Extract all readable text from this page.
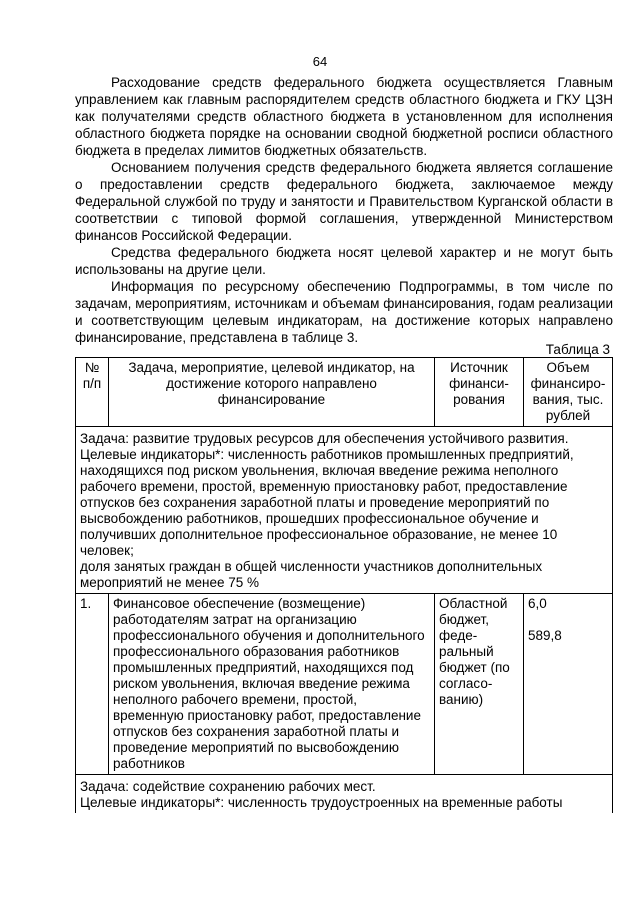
64

Расходование средств федерального бюджета осуществляется Главным управлением как главным распорядителем средств областного бюджета и ГКУ ЦЗН как получателями средств областного бюджета в установленном для исполнения областного бюджета порядке на основании сводной бюджетной росписи областного бюджета в пределах лимитов бюджетных обязательств.

Основанием получения средств федерального бюджета является соглашение о предоставлении средств федерального бюджета, заключаемое между Федеральной службой по труду и занятости и Правительством Курганской области в соответствии с типовой формой соглашения, утвержденной Министерством финансов Российской Федерации.

Средства федерального бюджета носят целевой характер и не могут быть использованы на другие цели.

Информация по ресурсному обеспечению Подпрограммы, в том числе по задачам, мероприятиям, источникам и объемам финансирования, годам реализации и соответствующим целевым индикаторам, на достижение которых направлено финансирование, представлена в таблице 3.

Таблица 3
№ п/п	Задача, мероприятие, целевой индикатор, на достижение которого направлено финансирование	Источник финанси-рования	Объем финансиро-вания, тыс. рублей

Задача: развитие трудовых ресурсов для обеспечения устойчивого развития.
Целевые индикаторы*: численность работников промышленных предприятий, находящихся под риском увольнения, включая введение режима неполного рабочего времени, простой, временную приостановку работ, предоставление отпусков без сохранения заработной платы и проведение мероприятий по высвобождению работников, прошедших профессиональное обучение и получивших дополнительное профессиональное образование, не менее 10 человек;
доля занятых граждан в общей численности участников дополнительных мероприятий не менее 75 %			

1.	Финансовое обеспечение (возмещение) работодателям затрат на организацию профессионального обучения и дополнительного профессионального образования работников промышленных предприятий, находящихся под риском увольнения, включая введение режима неполного рабочего времени, простой, временную приостановку работ, предоставление отпусков без сохранения заработной платы и проведение мероприятий по высвобождению работников	Областной бюджет, феде-ральный бюджет (по согласо-ванию)	6,0
589,8

Задача: содействие сохранению рабочих мест.
Целевые индикаторы*: численность трудоустроенных на временные работы			
